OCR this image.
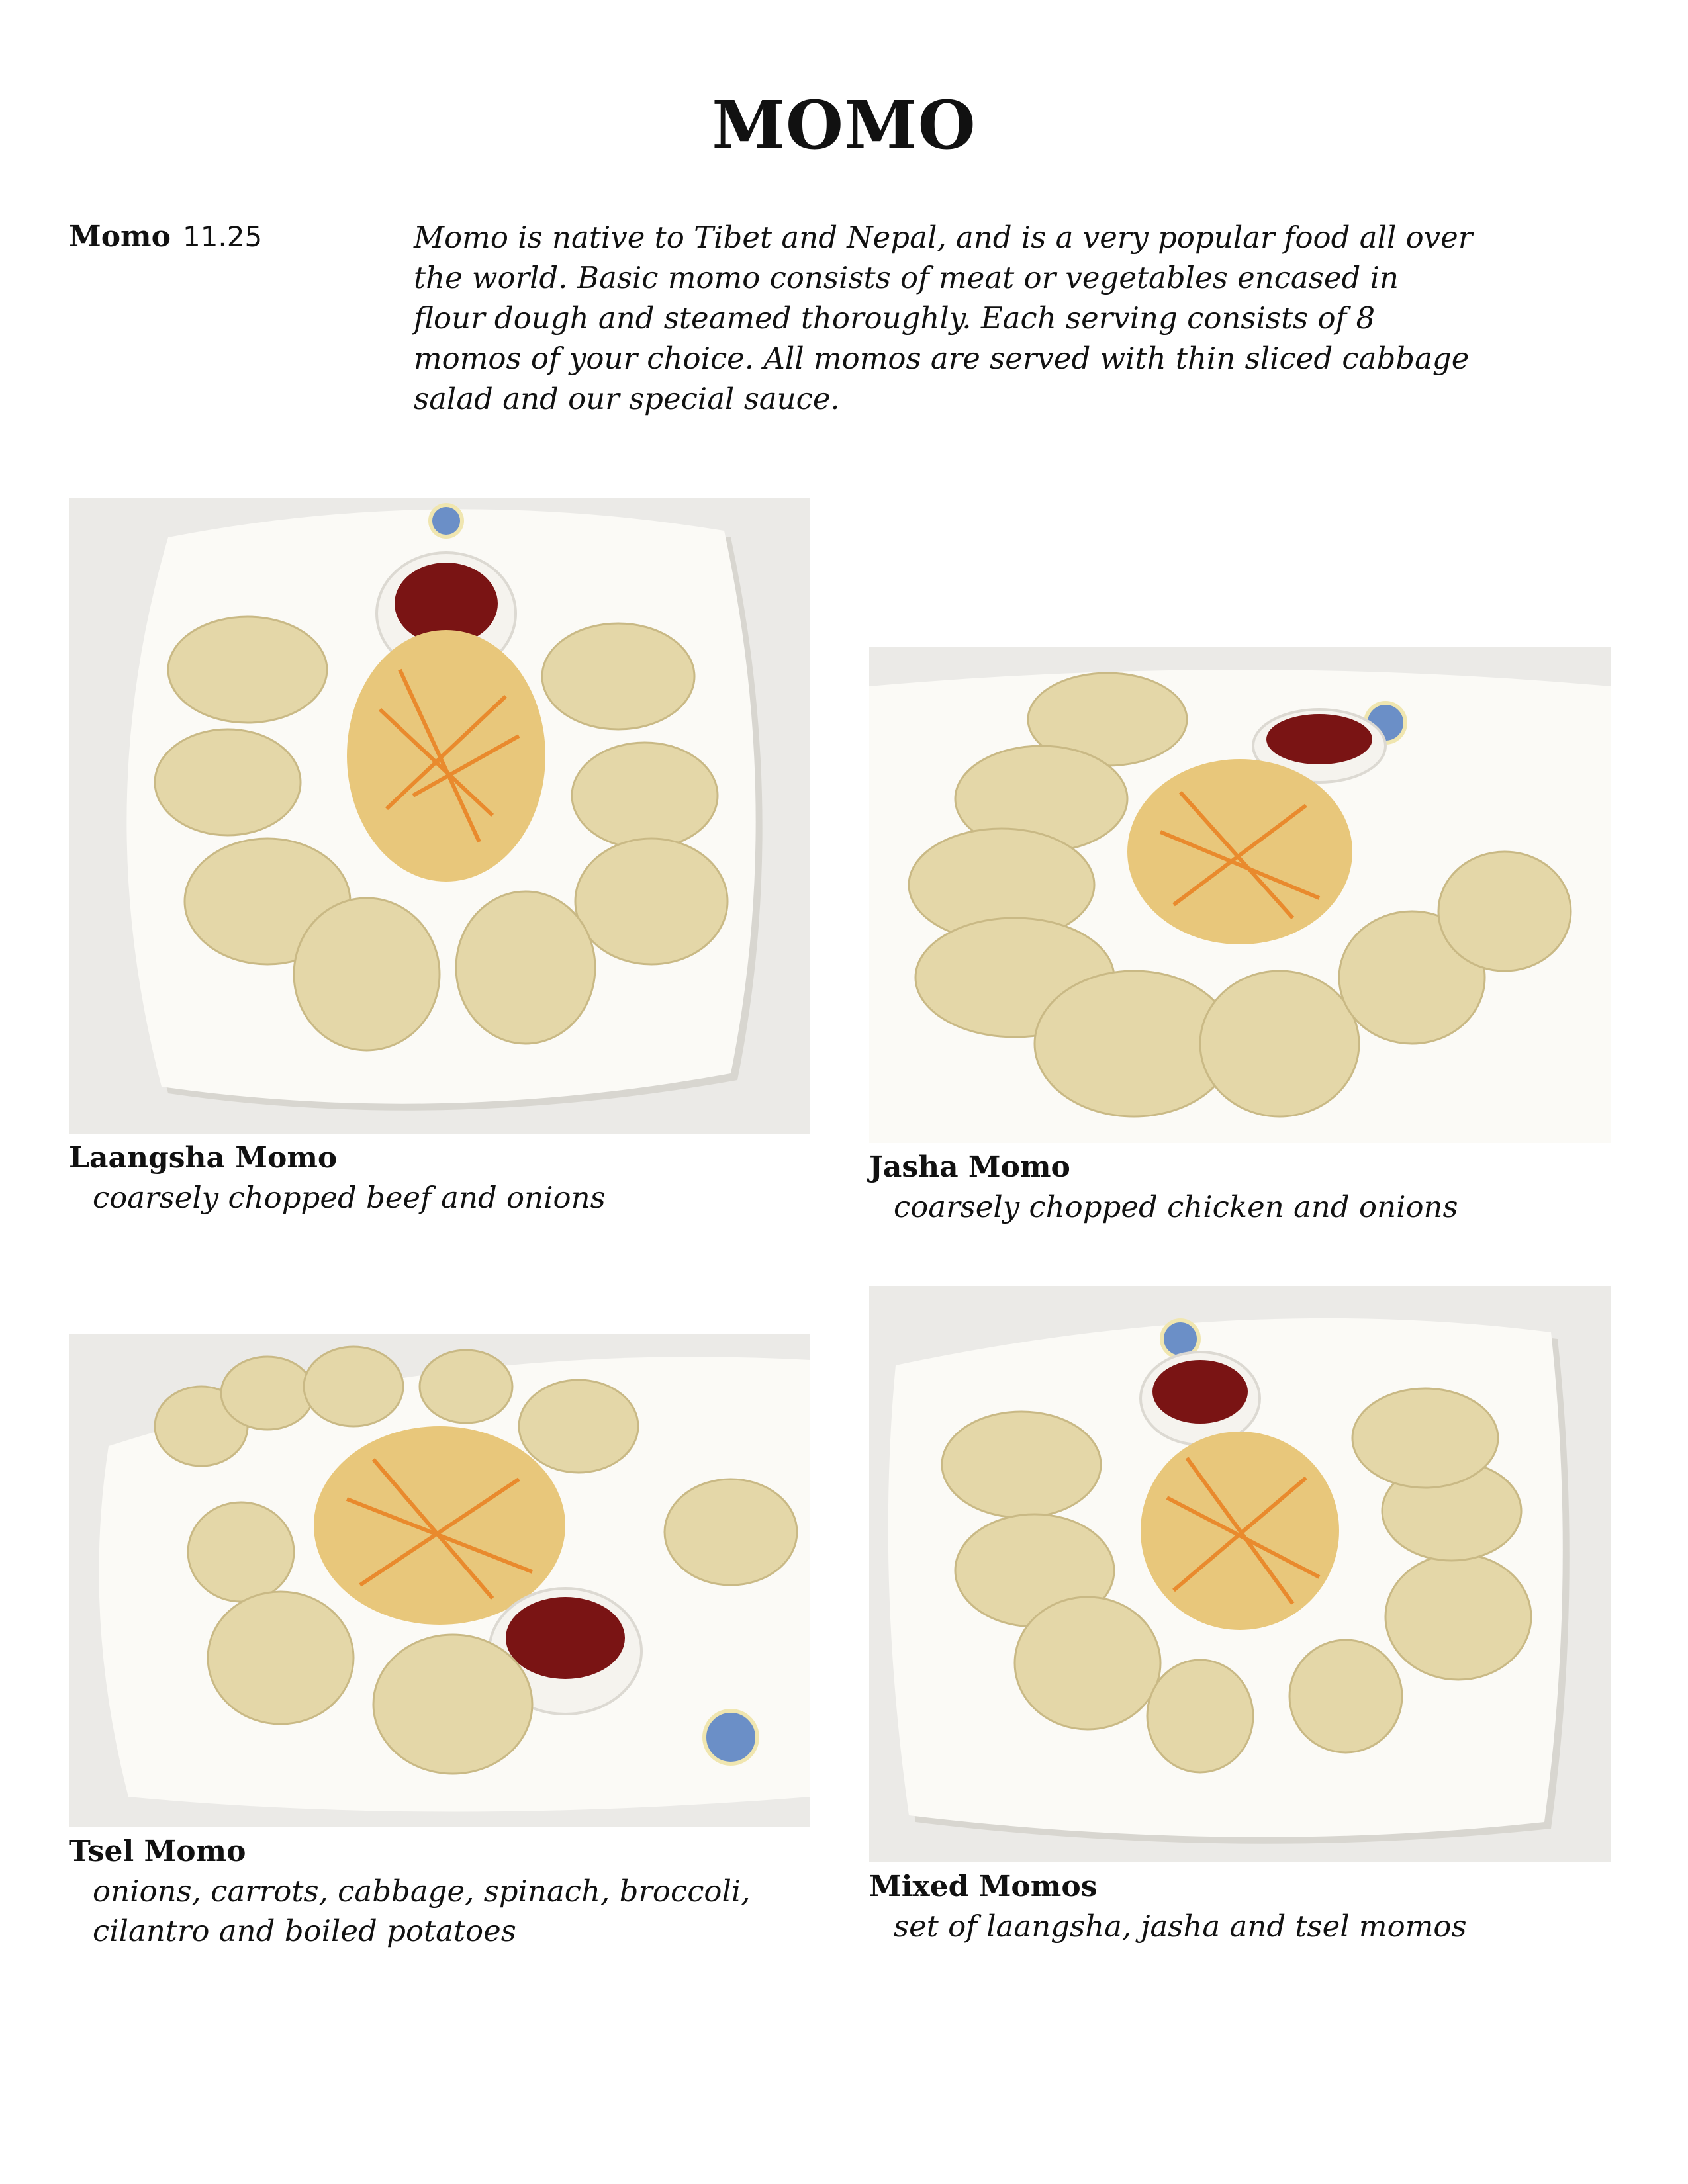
MOMO
Momo 11.25	Momo is native to Tibet and Nepal, and is a very popular food all over the world. Basic momo consists of meat or vegetables encased in flour dough and steamed thoroughly. Each serving consists of 8 momos of your choice. All momos are served with thin sliced cabbage salad and our special sauce.
Laangsha Momo
coarsely chopped beef and onions
Jasha Momo
coarsely chopped chicken and onions
Tsel Momo
onions, carrots, cabbage, spinach, broccoli, cilantro and boiled potatoes
Mixed Momos
set of laangsha, jasha and tsel momos
